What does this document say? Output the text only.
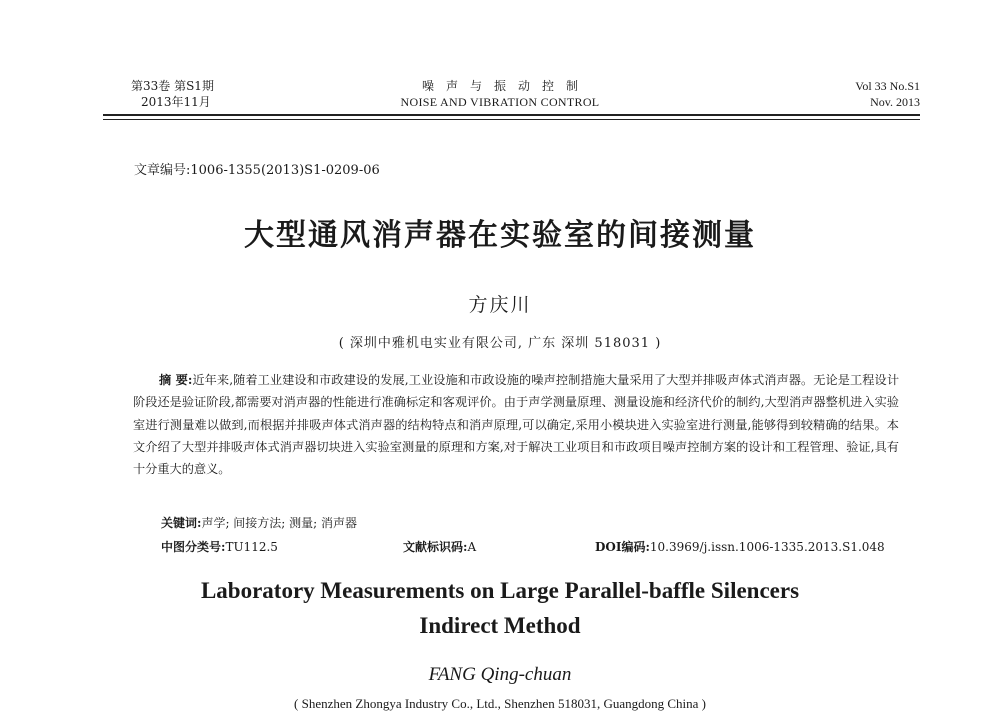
第33卷 第S1期
2013年11月
噪声与振动控制
NOISE AND VIBRATION CONTROL
Vol 33 No.S1
Nov. 2013
文章编号:1006-1355(2013)S1-0209-06
大型通风消声器在实验室的间接测量
方庆川
( 深圳中雅机电实业有限公司, 广东 深圳 518031 )
摘 要:近年来,随着工业建设和市政建设的发展,工业设施和市政设施的噪声控制措施大量采用了大型并排吸声体式消声器。无论是工程设计阶段还是验证阶段,都需要对消声器的性能进行准确标定和客观评价。由于声学测量原理、测量设施和经济代价的制约,大型消声器整机进入实验室进行测量难以做到,而根据并排吸声体式消声器的结构特点和消声原理,可以确定,采用小模块进入实验室进行测量,能够得到较精确的结果。本文介绍了大型并排吸声体式消声器切块进入实验室测量的原理和方案,对于解决工业项目和市政项目噪声控制方案的设计和工程管理、验证,具有十分重大的意义。
关键词:声学; 间接方法; 测量; 消声器
中图分类号:TU112.5	文献标识码:A	DOI编码:10.3969/j.issn.1006-1335.2013.S1.048
Laboratory Measurements on Large Parallel-baffle Silencers
Indirect Method
FANG Qing-chuan
( Shenzhen Zhongya Industry Co., Ltd., Shenzhen 518031, Guangdong China )
